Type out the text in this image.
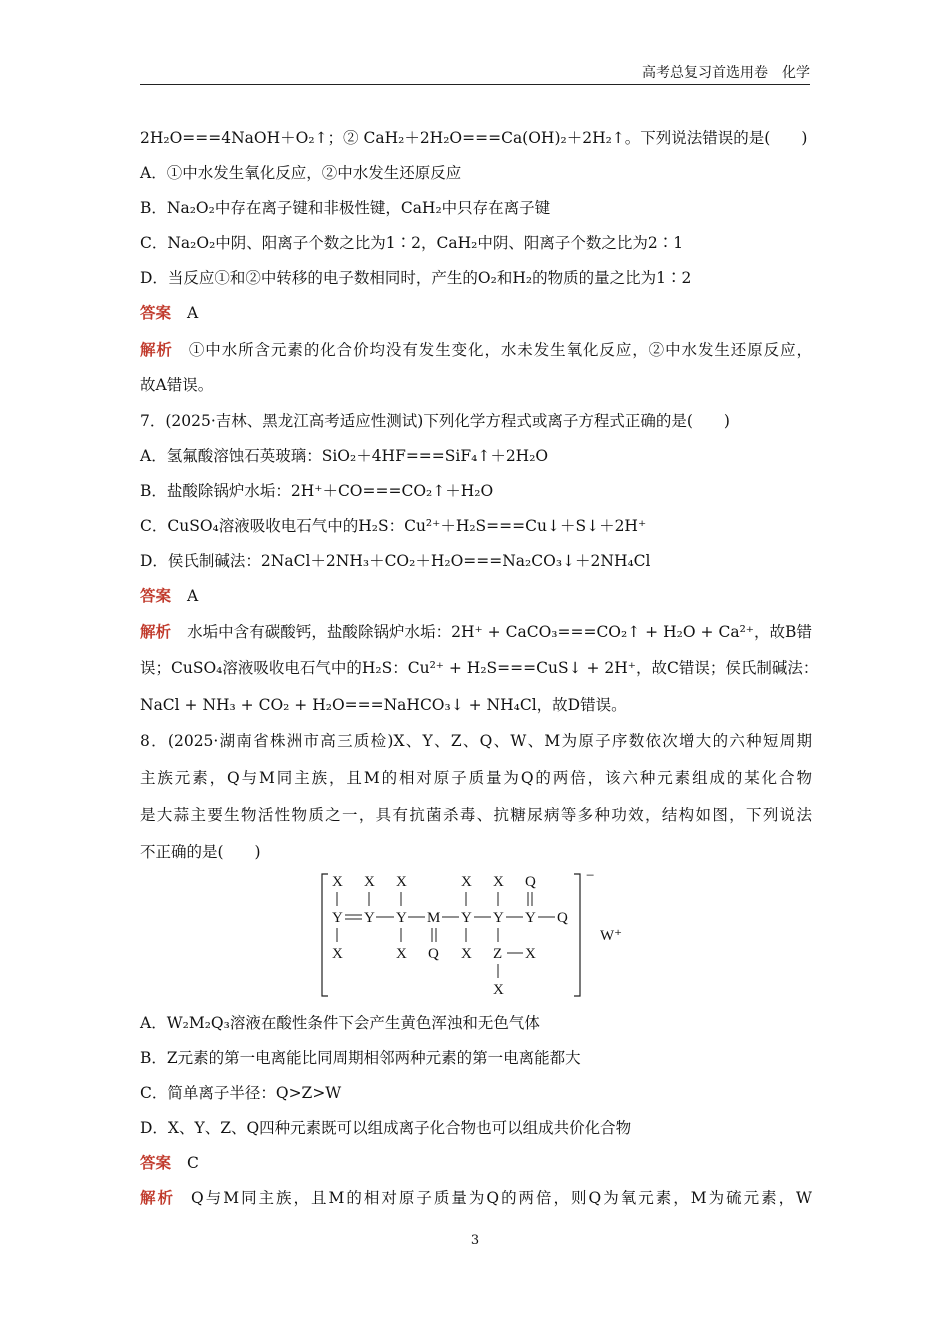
高考总复习首选用卷　化学
2H₂O===4NaOH＋O₂↑；② CaH₂＋2H₂O===Ca(OH)₂＋2H₂↑。下列说法错误的是(　　)
A．①中水发生氧化反应，②中水发生还原反应
B．Na₂O₂中存在离子键和非极性键，CaH₂中只存在离子键
C．Na₂O₂中阴、阳离子个数之比为1∶2，CaH₂中阴、阳离子个数之比为2∶1
D．当反应①和②中转移的电子数相同时，产生的O₂和H₂的物质的量之比为1∶2
答案 A
解析 ①中水所含元素的化合价均没有发生变化，水未发生氧化反应，②中水发生还原反应，
故A错误。
7．(2025·吉林、黑龙江高考适应性测试)下列化学方程式或离子方程式正确的是(　　)
A．氢氟酸溶蚀石英玻璃：SiO₂＋4HF===SiF₄↑＋2H₂O
B．盐酸除锅炉水垢：2H⁺＋CO===CO₂↑＋H₂O
C．CuSO₄溶液吸收电石气中的H₂S：Cu²⁺＋H₂S===Cu↓＋S↓＋2H⁺
D．侯氏制碱法：2NaCl＋2NH₃＋CO₂＋H₂O===Na₂CO₃↓＋2NH₄Cl
答案 A
解析 水垢中含有碳酸钙，盐酸除锅炉水垢：2H⁺ + CaCO₃===CO₂↑ + H₂O + Ca²⁺，故B错
误；CuSO₄溶液吸收电石气中的H₂S：Cu²⁺ + H₂S===CuS↓ + 2H⁺，故C错误；侯氏制碱法：
NaCl + NH₃ + CO₂ + H₂O===NaHCO₃↓ + NH₄Cl，故D错误。
8．(2025·湖南省株洲市高三质检)X、Y、Z、Q、W、M为原子序数依次增大的六种短周期
主族元素，Q与M同主族，且M的相对原子质量为Q的两倍，该六种元素组成的某化合物
是大蒜主要生物活性物质之一，具有抗菌杀毒、抗糖尿病等多种功效，结构如图，下列说法
不正确的是(　　)
−
X X X	X X Q
Y Y Y M Y Y Y Q
X	X Q X Z X
X
W⁺
A．W₂M₂Q₃溶液在酸性条件下会产生黄色浑浊和无色气体
B．Z元素的第一电离能比同周期相邻两种元素的第一电离能都大
C．简单离子半径：Q>Z>W
D．X、Y、Z、Q四种元素既可以组成离子化合物也可以组成共价化合物
答案 C
解析 Q与M同主族，且M的相对原子质量为Q的两倍，则Q为氧元素，M为硫元素，W
3
